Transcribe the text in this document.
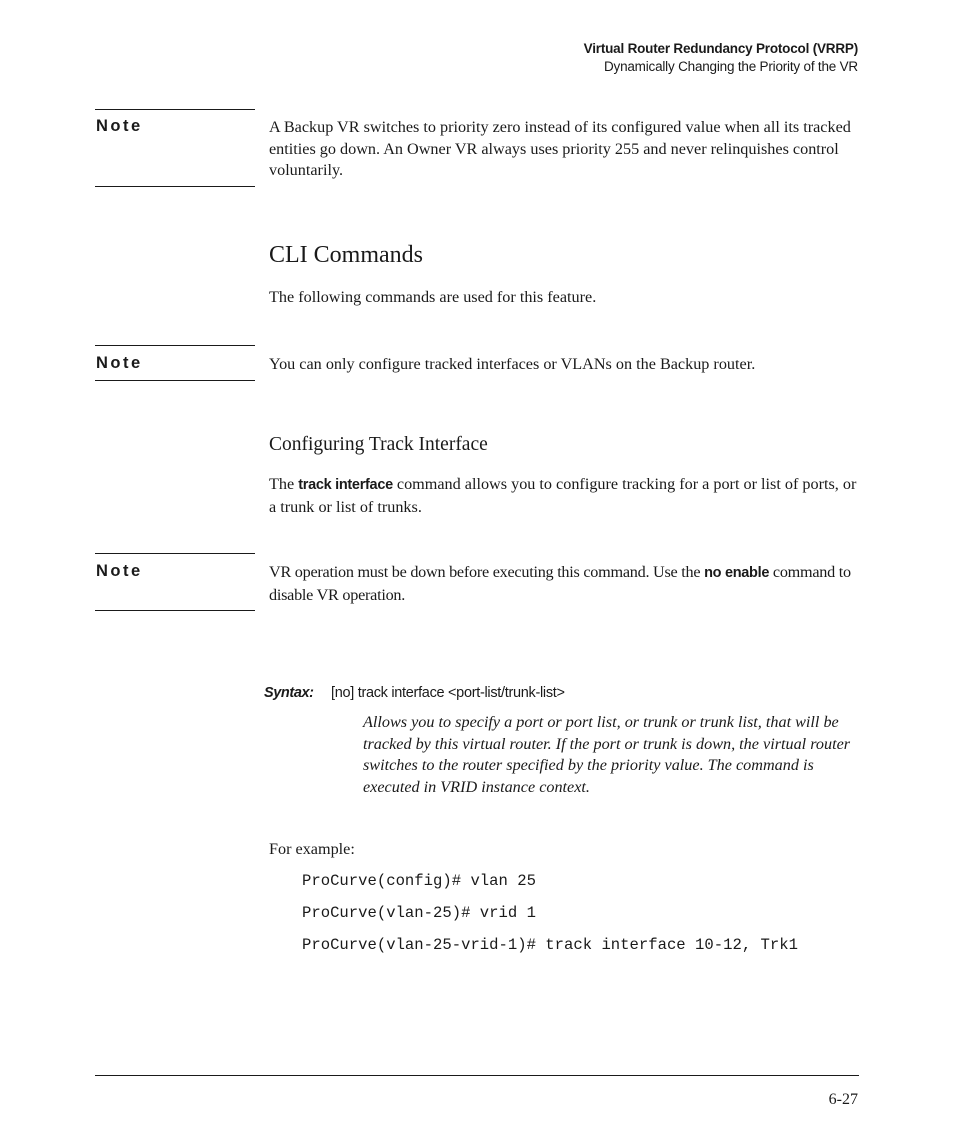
Virtual Router Redundancy Protocol (VRRP)
Dynamically Changing the Priority of the VR
Note	A Backup VR switches to priority zero instead of its configured value when all its tracked entities go down. An Owner VR always uses priority 255 and never relinquishes control voluntarily.
CLI Commands
The following commands are used for this feature.
Note	You can only configure tracked interfaces or VLANs on the Backup router.
Configuring Track Interface
The track interface command allows you to configure tracking for a port or list of ports, or a trunk or list of trunks.
Note	VR operation must be down before executing this command. Use the no enable command to disable VR operation.
Syntax: [no] track interface <port-list/trunk-list>
Allows you to specify a port or port list, or trunk or trunk list, that will be tracked by this virtual router. If the port or trunk is down, the virtual router switches to the router specified by the priority value. The command is executed in VRID instance context.
For example:
ProCurve(config)# vlan 25
ProCurve(vlan-25)# vrid 1
ProCurve(vlan-25-vrid-1)# track interface 10-12, Trk1
6-27
